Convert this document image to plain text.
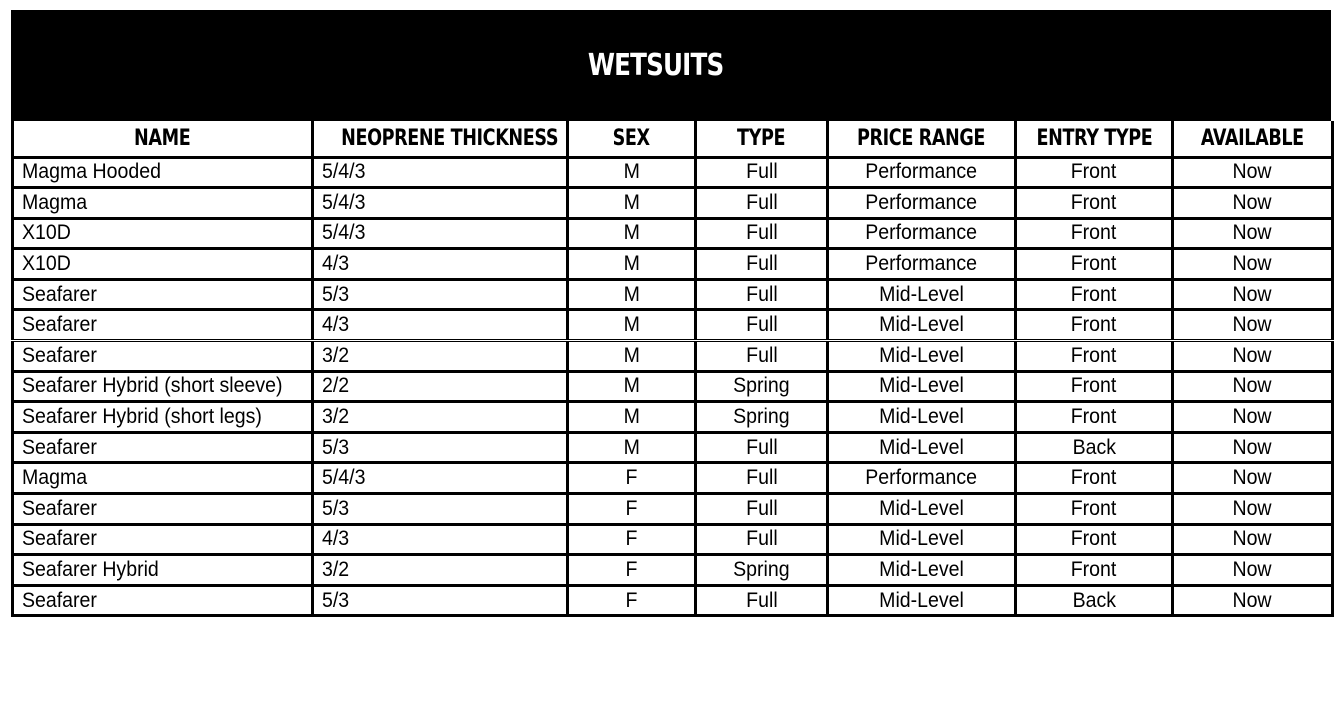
WETSUITS
NAME	NEOPRENE THICKNESS	SEX	TYPE	PRICE RANGE	ENTRY TYPE	AVAILABLE
Magma Hooded	5/4/3	M	Full	Performance	Front	Now
Magma	5/4/3	M	Full	Performance	Front	Now
X10D	5/4/3	M	Full	Performance	Front	Now
X10D	4/3	M	Full	Performance	Front	Now
Seafarer	5/3	M	Full	Mid-Level	Front	Now
Seafarer	4/3	M	Full	Mid-Level	Front	Now
Seafarer	3/2	M	Full	Mid-Level	Front	Now
Seafarer Hybrid (short sleeve)	2/2	M	Spring	Mid-Level	Front	Now
Seafarer Hybrid (short legs)	3/2	M	Spring	Mid-Level	Front	Now
Seafarer	5/3	M	Full	Mid-Level	Back	Now
Magma	5/4/3	F	Full	Performance	Front	Now
Seafarer	5/3	F	Full	Mid-Level	Front	Now
Seafarer	4/3	F	Full	Mid-Level	Front	Now
Seafarer Hybrid	3/2	F	Spring	Mid-Level	Front	Now
Seafarer	5/3	F	Full	Mid-Level	Back	Now
